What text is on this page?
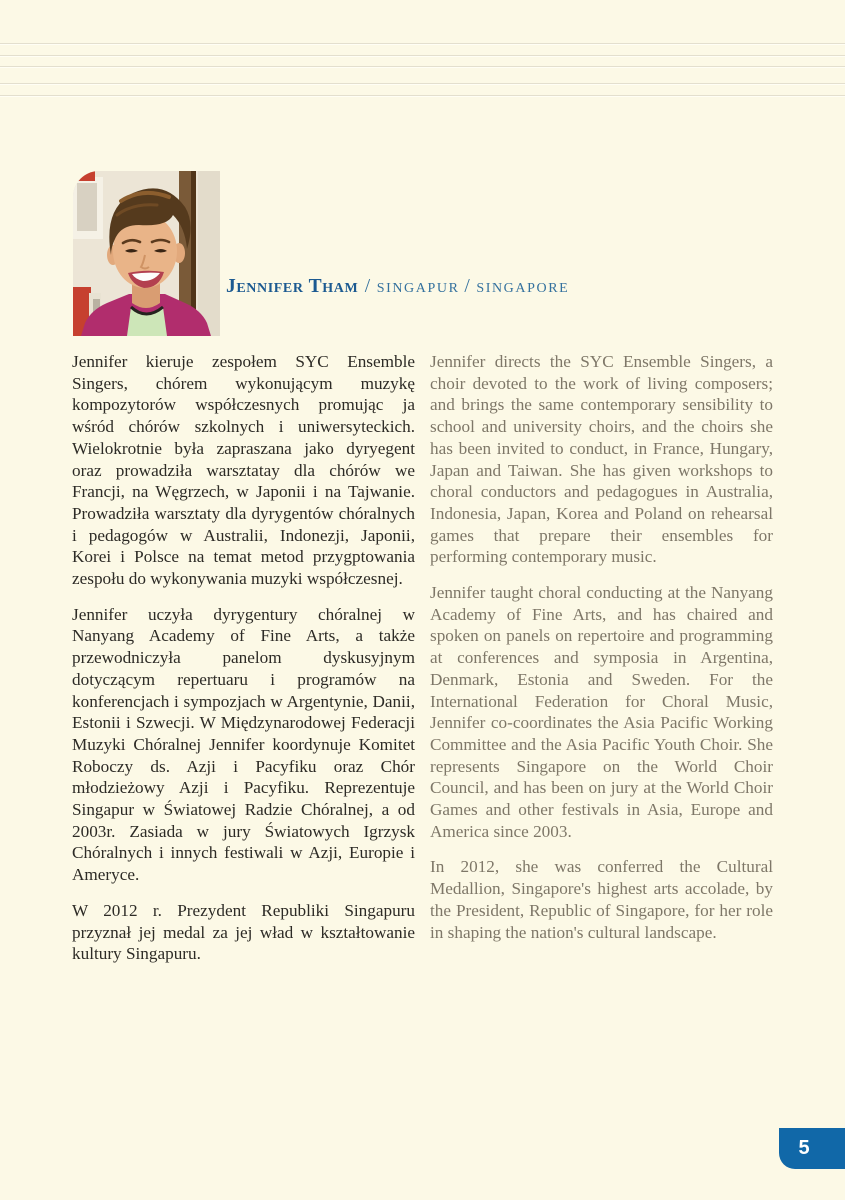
Jennifer Tham / singapur / singapore

Jennifer kieruje zespołem SYC Ensemble Singers, chórem wykonującym muzykę kompozytorów współczesnych promując ja wśród chórów szkolnych i uniwersyteckich. Wielokrotnie była zapraszana jako dyryegent oraz prowadziła warsztatay dla chórów we Francji, na Węgrzech, w Japonii i na Tajwanie. Prowadziła warsztaty dla dyrygentów chóralnych i pedagogów w Australii, Indonezji, Japonii, Korei i Polsce na temat metod przygptowania zespołu do wykonywania muzyki współczesnej.

Jennifer uczyła dyrygentury chóralnej w Nanyang Academy of Fine Arts, a także przewodniczyła panelom dyskusyjnym dotyczącym repertuaru i programów na konferencjach i sympozjach w Argentynie, Danii, Estonii i Szwecji. W Międzynarodowej Federacji Muzyki Chóralnej Jennifer koordynuje Komitet Roboczy ds. Azji i Pacyfiku oraz Chór młodzieżowy Azji i Pacyfiku. Reprezentuje Singapur w Światowej Radzie Chóralnej, a od 2003r. Zasiada w jury Światowych Igrzysk Chóralnych i innych festiwali w Azji, Europie i Ameryce.

W 2012 r. Prezydent Republiki Singapuru przyznał jej medal za jej wład w kształtowanie kultury Singapuru.

Jennifer directs the SYC Ensemble Singers, a choir devoted to the work of living composers; and brings the same contemporary sensibility to school and university choirs, and the choirs she has been invited to conduct, in France, Hungary, Japan and Taiwan. She has given workshops to choral conductors and pedagogues in Australia, Indonesia, Japan, Korea and Poland on rehearsal games that prepare their ensembles for performing contemporary music.

Jennifer taught choral conducting at the Nanyang Academy of Fine Arts, and has chaired and spoken on panels on repertoire and programming at conferences and symposia in Argentina, Denmark, Estonia and Sweden. For the International Federation for Choral Music, Jennifer co-coordinates the Asia Pacific Working Committee and the Asia Pacific Youth Choir. She represents Singapore on the World Choir Council, and has been on jury at the World Choir Games and other festivals in Asia, Europe and America since 2003.

In 2012, she was conferred the Cultural Medallion, Singapore's highest arts accolade, by the President, Republic of Singapore, for her role in shaping the nation's cultural landscape.

5
